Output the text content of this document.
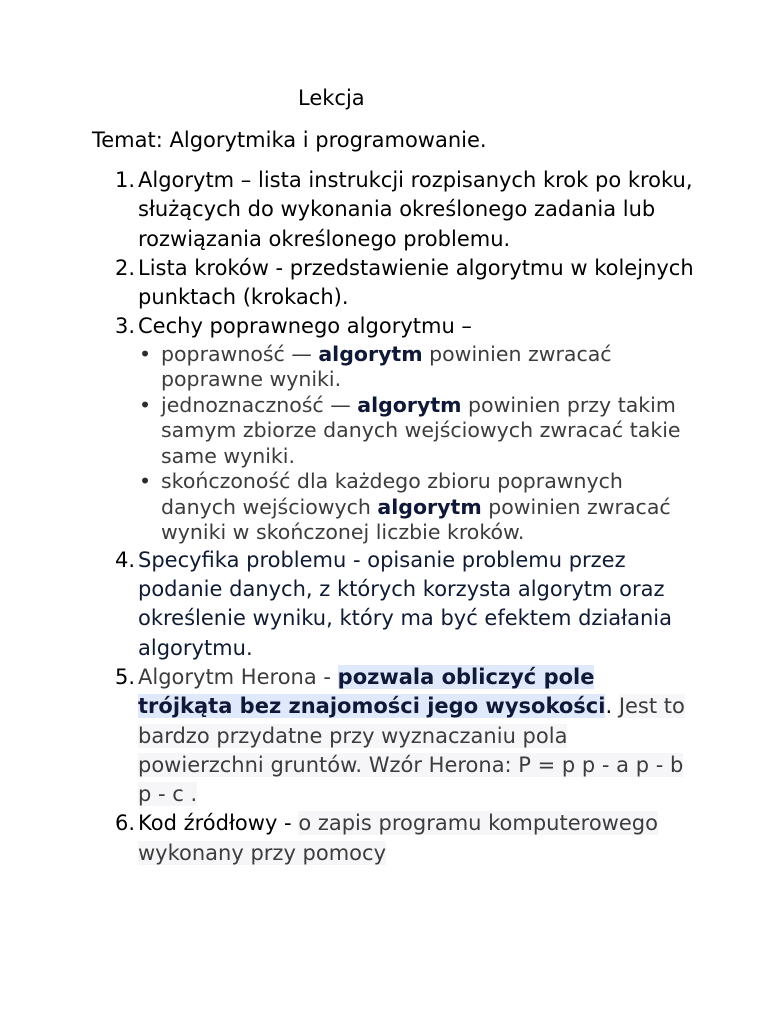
Lekcja
Temat: Algorytmika i programowanie.
1. Algorytm – lista instrukcji rozpisanych krok po kroku, służących do wykonania określonego zadania lub rozwiązania określonego problemu.
2. Lista kroków - przedstawienie algorytmu w kolejnych punktach (krokach).
3. Cechy poprawnego algorytmu –
• poprawność — algorytm powinien zwracać poprawne wyniki.
• jednoznaczność — algorytm powinien przy takim samym zbiorze danych wejściowych zwracać takie same wyniki.
• skończoność dla każdego zbioru poprawnych danych wejściowych algorytm powinien zwracać wyniki w skończonej liczbie kroków.
4. Specyfika problemu - opisanie problemu przez podanie danych, z których korzysta algorytm oraz określenie wyniku, który ma być efektem działania algorytmu.
5. Algorytm Herona - pozwala obliczyć pole trójkąta bez znajomości jego wysokości. Jest to bardzo przydatne przy wyznaczaniu pola powierzchni gruntów. Wzór Herona: P = p p - a p - b p - c .
6. Kod źródłowy - o zapis programu komputerowego wykonany przy pomocy
